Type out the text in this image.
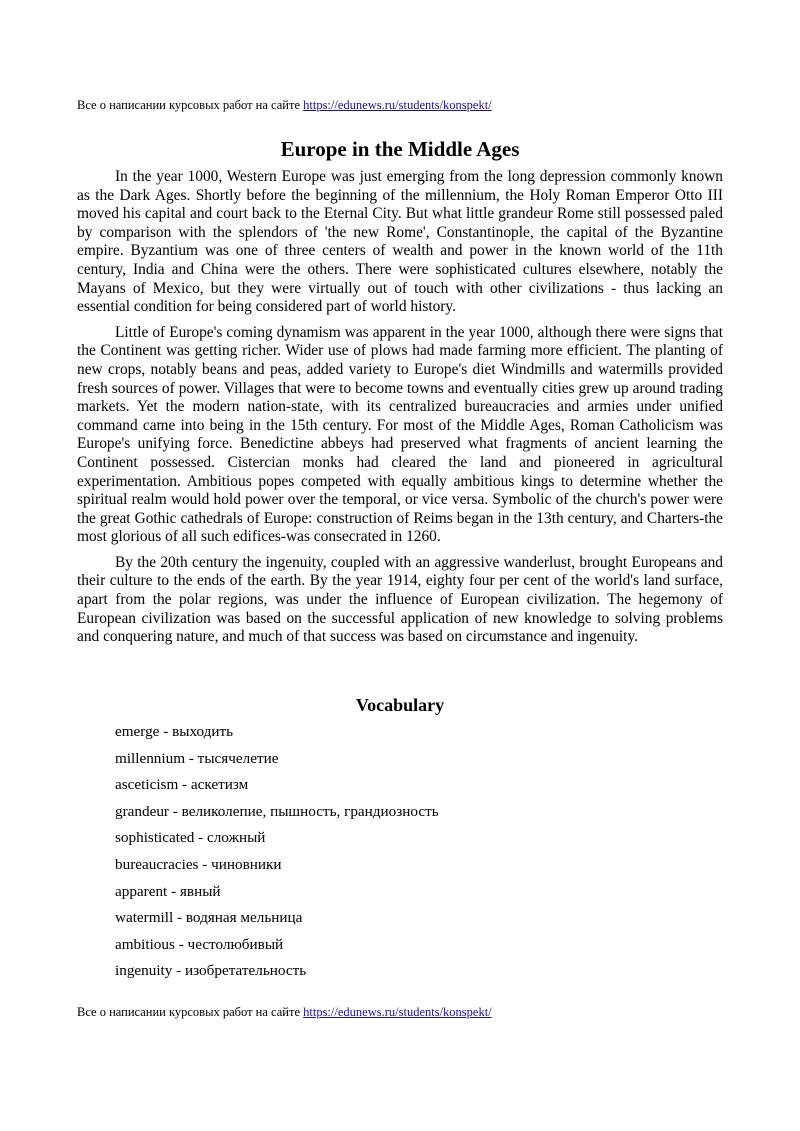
Все о написании курсовых работ на сайте https://edunews.ru/students/konspekt/
Europe in the Middle Ages

In the year 1000, Western Europe was just emerging from the long depression commonly known as the Dark Ages. Shortly before the beginning of the millennium, the Holy Roman Emperor Otto III moved his capital and court back to the Eternal City. But what little grandeur Rome still possessed paled by comparison with the splendors of 'the new Rome', Constantinople, the capital of the Byzantine empire. Byzantium was one of three centers of wealth and power in the known world of the 11th century, India and China were the others. There were sophisticated cultures elsewhere, notably the Mayans of Mexico, but they were virtually out of touch with other civilizations - thus lacking an essential condition for being considered part of world history.

Little of Europe's coming dynamism was apparent in the year 1000, although there were signs that the Continent was getting richer. Wider use of plows had made farming more efficient. The planting of new crops, notably beans and peas, added variety to Europe's diet Windmills and watermills provided fresh sources of power. Villages that were to become towns and eventually cities grew up around trading markets. Yet the modern nation-state, with its centralized bureaucracies and armies under unified command came into being in the 15th century. For most of the Middle Ages, Roman Catholicism was Europe's unifying force. Benedictine abbeys had preserved what fragments of ancient learning the Continent possessed. Cistercian monks had cleared the land and pioneered in agricultural experimentation. Ambitious popes competed with equally ambitious kings to determine whether the spiritual realm would hold power over the temporal, or vice versa. Symbolic of the church's power were the great Gothic cathedrals of Europe: construction of Reims began in the 13th century, and Charters-the most glorious of all such edifices-was consecrated in 1260.

By the 20th century the ingenuity, coupled with an aggressive wanderlust, brought Europeans and their culture to the ends of the earth. By the year 1914, eighty four per cent of the world's land surface, apart from the polar regions, was under the influence of European civilization. The hegemony of European civilization was based on the successful application of new knowledge to solving problems and conquering nature, and much of that success was based on circumstance and ingenuity.

Vocabulary
emerge - выходить
millennium - тысячелетие
asceticism - аскетизм
grandeur - великолепие, пышность, грандиозность
sophisticated - сложный
bureaucracies - чиновники
apparent - явный
watermill - водяная мельница
ambitious - честолюбивый
ingenuity - изобретательность
Все о написании курсовых работ на сайте https://edunews.ru/students/konspekt/
